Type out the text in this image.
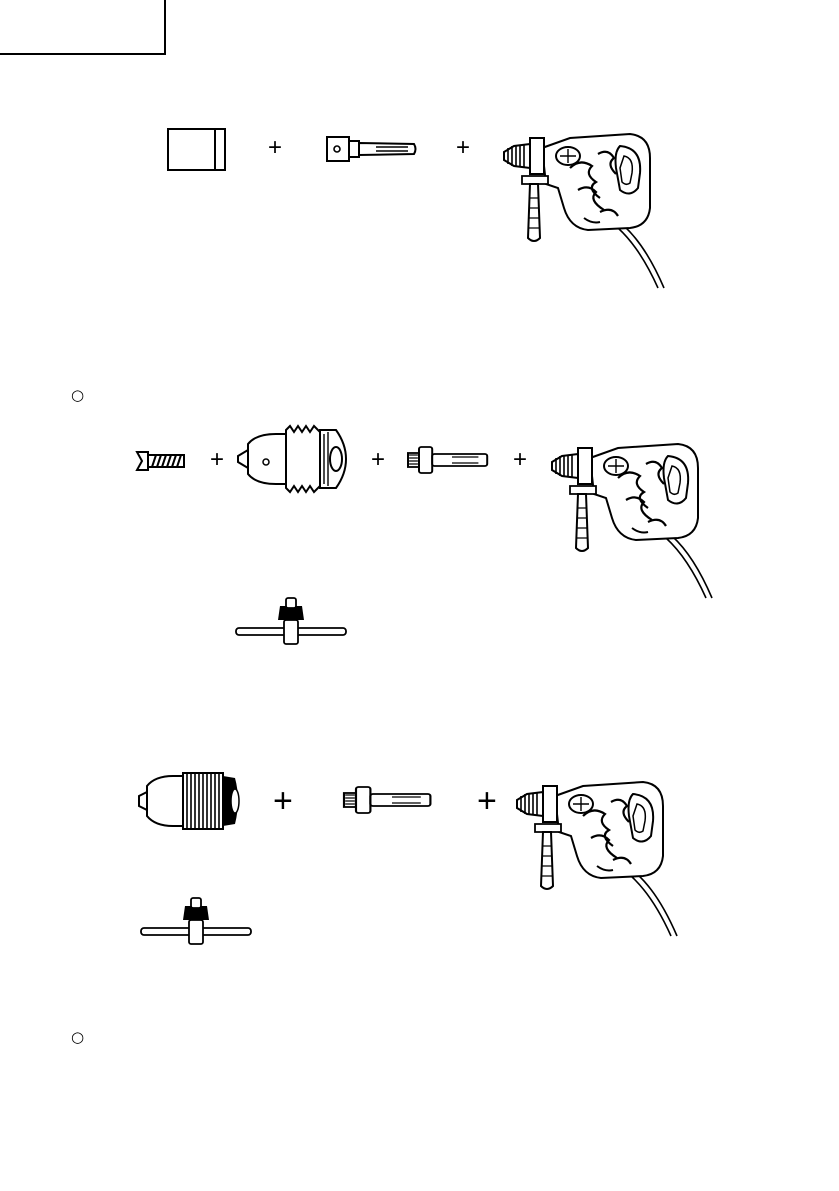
+	+
○
+	+	+
+	+
○
